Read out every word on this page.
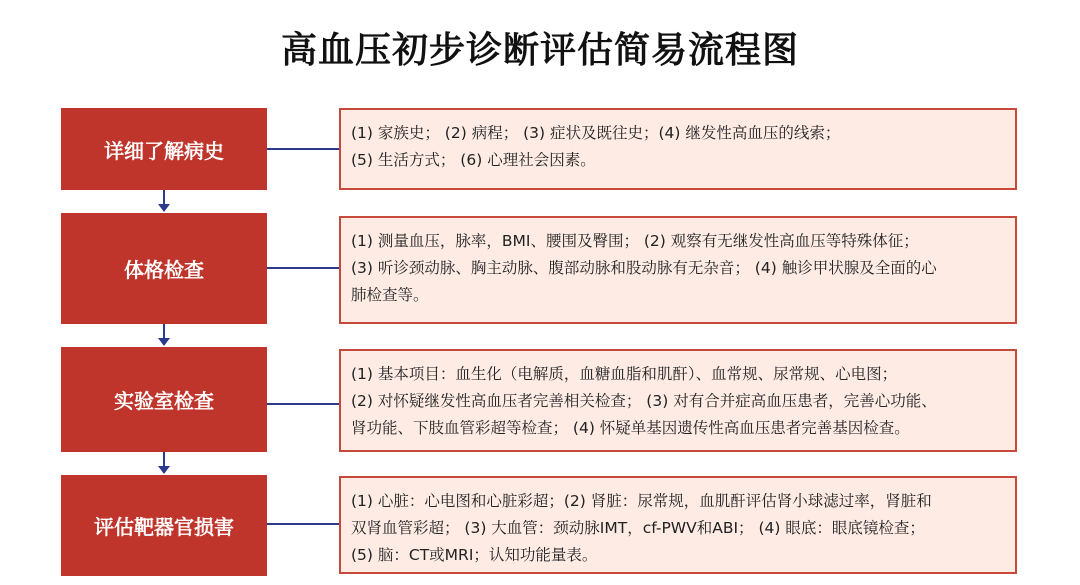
高血压初步诊断评估简易流程图
详细了解病史
(1) 家族史； (2) 病程； (3) 症状及既往史；(4) 继发性高血压的线索；
(5) 生活方式； (6) 心理社会因素。
体格检查
(1) 测量血压，脉率，BMI、腰围及臀围； (2) 观察有无继发性高血压等特殊体征；
(3) 听诊颈动脉、胸主动脉、腹部动脉和股动脉有无杂音； (4) 触诊甲状腺及全面的心
肺检查等。
实验室检查
(1) 基本项目：血生化（电解质，血糖血脂和肌酐）、血常规、尿常规、心电图；
(2) 对怀疑继发性高血压者完善相关检查； (3) 对有合并症高血压患者，完善心功能、
肾功能、下肢血管彩超等检查； (4) 怀疑单基因遗传性高血压患者完善基因检查。
评估靶器官损害
(1) 心脏：心电图和心脏彩超；(2) 肾脏：尿常规，血肌酐评估肾小球滤过率，肾脏和
双肾血管彩超； (3) 大血管：颈动脉IMT，cf-PWV和ABI； (4) 眼底：眼底镜检查；
(5) 脑：CT或MRI；认知功能量表。
